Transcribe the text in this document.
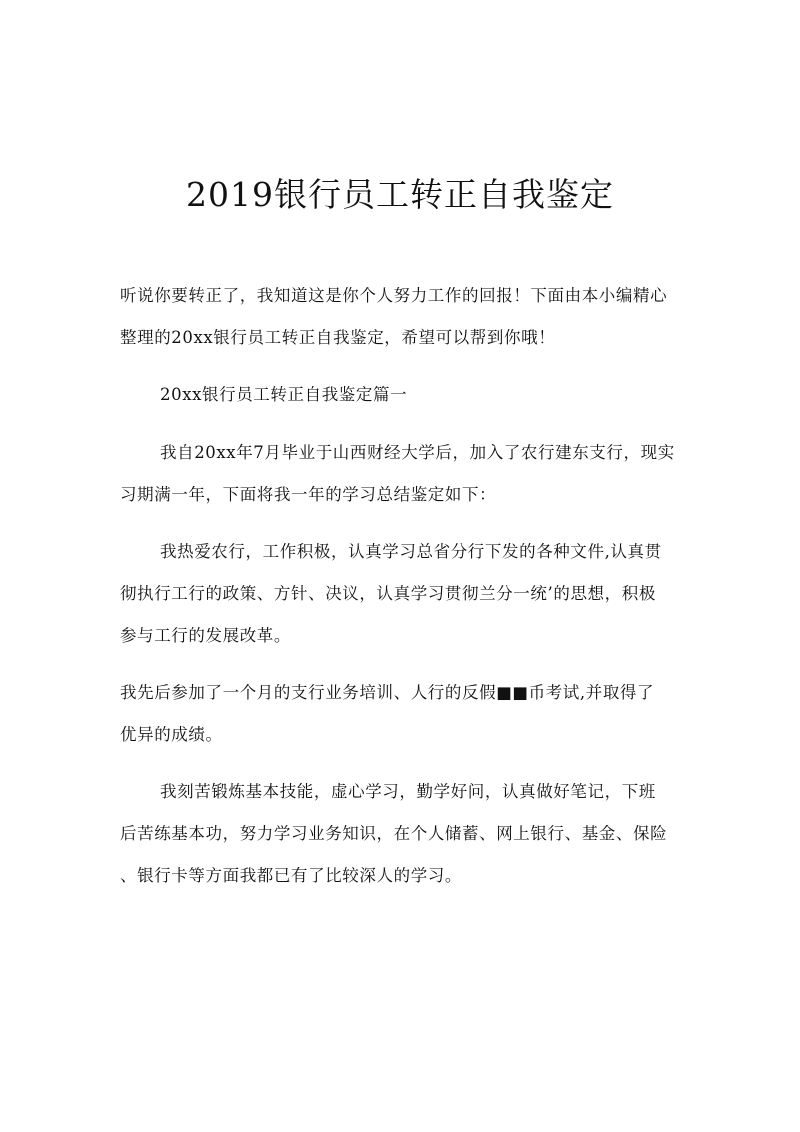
2019银行员工转正自我鉴定
听说你要转正了，我知道这是你个人努力工作的回报！下面由本小编精心
整理的20xx银行员工转正自我鉴定，希望可以帮到你哦！
20xx银行员工转正自我鉴定篇一
我自20xx年7月毕业于山西财经大学后，加入了农行建东支行，现实
习期满一年，下面将我一年的学习总结鉴定如下：
我热爱农行，工作积极，认真学习总省分行下发的各种文件,认真贯
彻执行工行的政策、方针、决议，认真学习贯彻兰分一统’的思想，积极
参与工行的发展改革。
我先后参加了一个月的支行业务培训、人行的反假■■币考试,并取得了
优异的成绩。
我刻苦锻炼基本技能，虚心学习，勤学好问，认真做好笔记，下班
后苦练基本功，努力学习业务知识，在个人储蓄、网上银行、基金、保险
、银行卡等方面我都已有了比较深人的学习。
